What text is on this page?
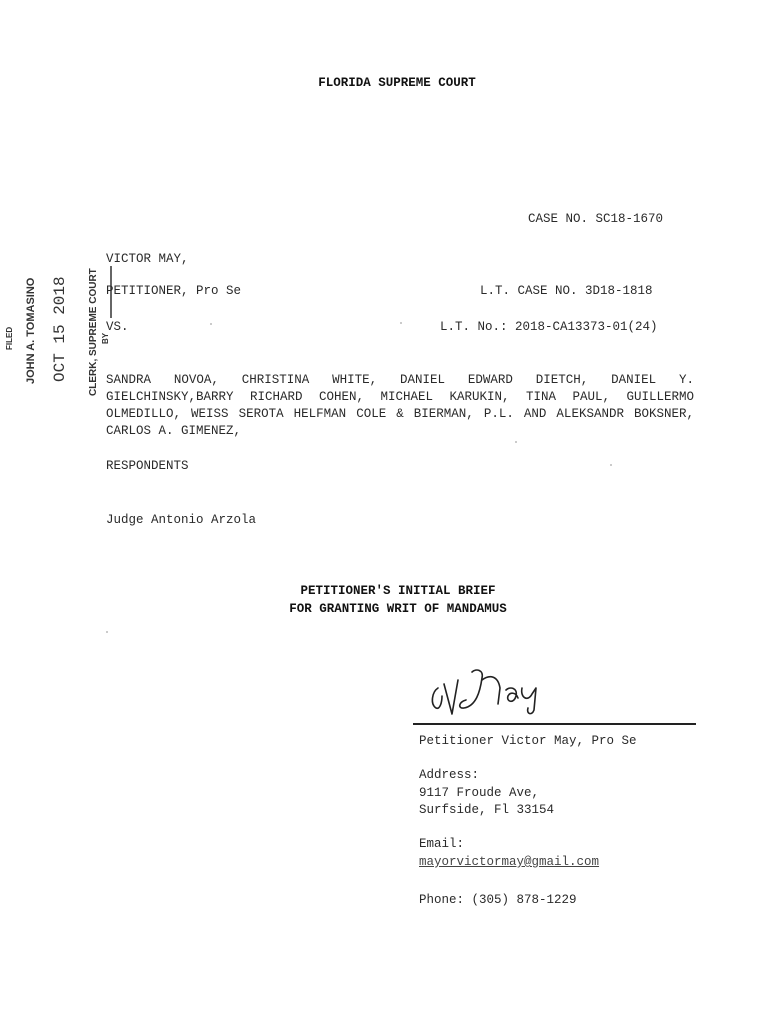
FLORIDA SUPREME COURT
CASE NO. SC18-1670
VICTOR MAY,
PETITIONER, Pro Se	L.T. CASE NO. 3D18-1818
VS.	L.T. No.: 2018-CA13373-01(24)
SANDRA NOVOA, CHRISTINA WHITE, DANIEL EDWARD DIETCH, DANIEL Y. GIELCHINSKY,BARRY RICHARD COHEN, MICHAEL KARUKIN, TINA PAUL, GUILLERMO OLMEDILLO, WEISS SEROTA HELFMAN COLE & BIERMAN, P.L. AND ALEKSANDR BOKSNER, CARLOS A. GIMENEZ,
RESPONDENTS
Judge Antonio Arzola
PETITIONER'S INITIAL BRIEF
FOR GRANTING WRIT OF MANDAMUS
Petitioner Victor May, Pro Se
Address:
9117 Froude Ave,
Surfside, Fl 33154
Email:
mayorvictormay@gmail.com
Phone: (305) 878-1229
FILED JOHN A. TOMASINO OCT 15 2018 CLERK, SUPREME COURT BY
